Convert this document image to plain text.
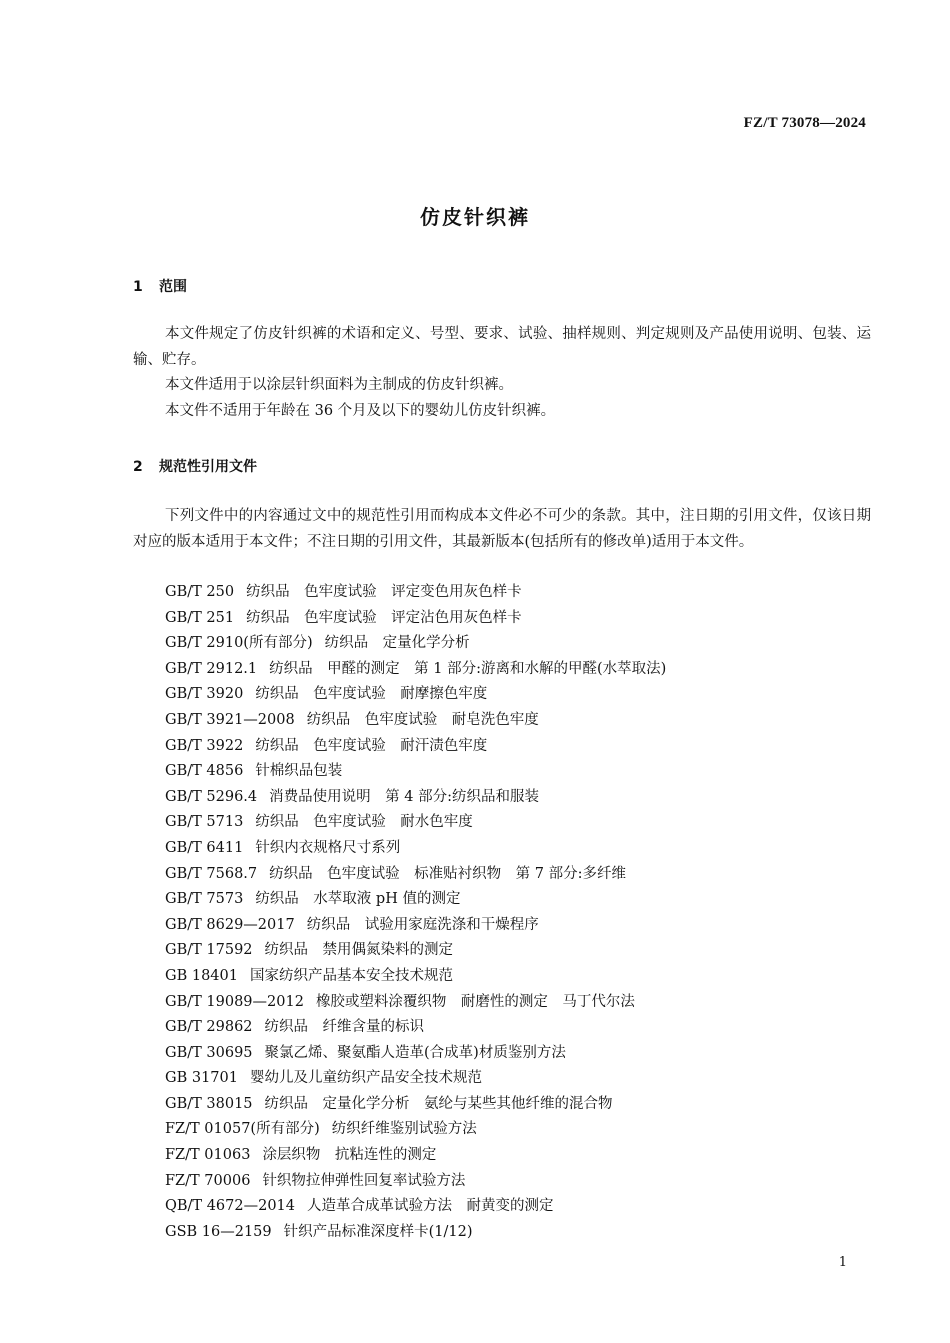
FZ/T 73078—2024
仿皮针织裤
1 范围

本文件规定了仿皮针织裤的术语和定义、号型、要求、试验、抽样规则、判定规则及产品使用说明、包装、运输、贮存。

本文件适用于以涂层针织面料为主制成的仿皮针织裤。

本文件不适用于年龄在 36 个月及以下的婴幼儿仿皮针织裤。

2 规范性引用文件

下列文件中的内容通过文中的规范性引用而构成本文件必不可少的条款。其中，注日期的引用文件，仅该日期对应的版本适用于本文件；不注日期的引用文件，其最新版本(包括所有的修改单)适用于本文件。

GB/T 250 纺织品　色牢度试验　评定变色用灰色样卡
GB/T 251 纺织品　色牢度试验　评定沾色用灰色样卡
GB/T 2910(所有部分) 纺织品　定量化学分析
GB/T 2912.1 纺织品　甲醛的测定　第 1 部分:游离和水解的甲醛(水萃取法)
GB/T 3920 纺织品　色牢度试验　耐摩擦色牢度
GB/T 3921—2008 纺织品　色牢度试验　耐皂洗色牢度
GB/T 3922 纺织品　色牢度试验　耐汗渍色牢度
GB/T 4856 针棉织品包装
GB/T 5296.4 消费品使用说明　第 4 部分:纺织品和服装
GB/T 5713 纺织品　色牢度试验　耐水色牢度
GB/T 6411 针织内衣规格尺寸系列
GB/T 7568.7 纺织品　色牢度试验　标准贴衬织物　第 7 部分:多纤维
GB/T 7573 纺织品　水萃取液 pH 值的测定
GB/T 8629—2017 纺织品　试验用家庭洗涤和干燥程序
GB/T 17592 纺织品　禁用偶氮染料的测定
GB 18401 国家纺织产品基本安全技术规范
GB/T 19089—2012 橡胶或塑料涂覆织物　耐磨性的测定　马丁代尔法
GB/T 29862 纺织品　纤维含量的标识
GB/T 30695 聚氯乙烯、聚氨酯人造革(合成革)材质鉴别方法
GB 31701 婴幼儿及儿童纺织产品安全技术规范
GB/T 38015 纺织品　定量化学分析　氨纶与某些其他纤维的混合物
FZ/T 01057(所有部分) 纺织纤维鉴别试验方法
FZ/T 01063 涂层织物　抗粘连性的测定
FZ/T 70006 针织物拉伸弹性回复率试验方法
QB/T 4672—2014 人造革合成革试验方法　耐黄变的测定
GSB 16—2159 针织产品标准深度样卡(1/12)
1
